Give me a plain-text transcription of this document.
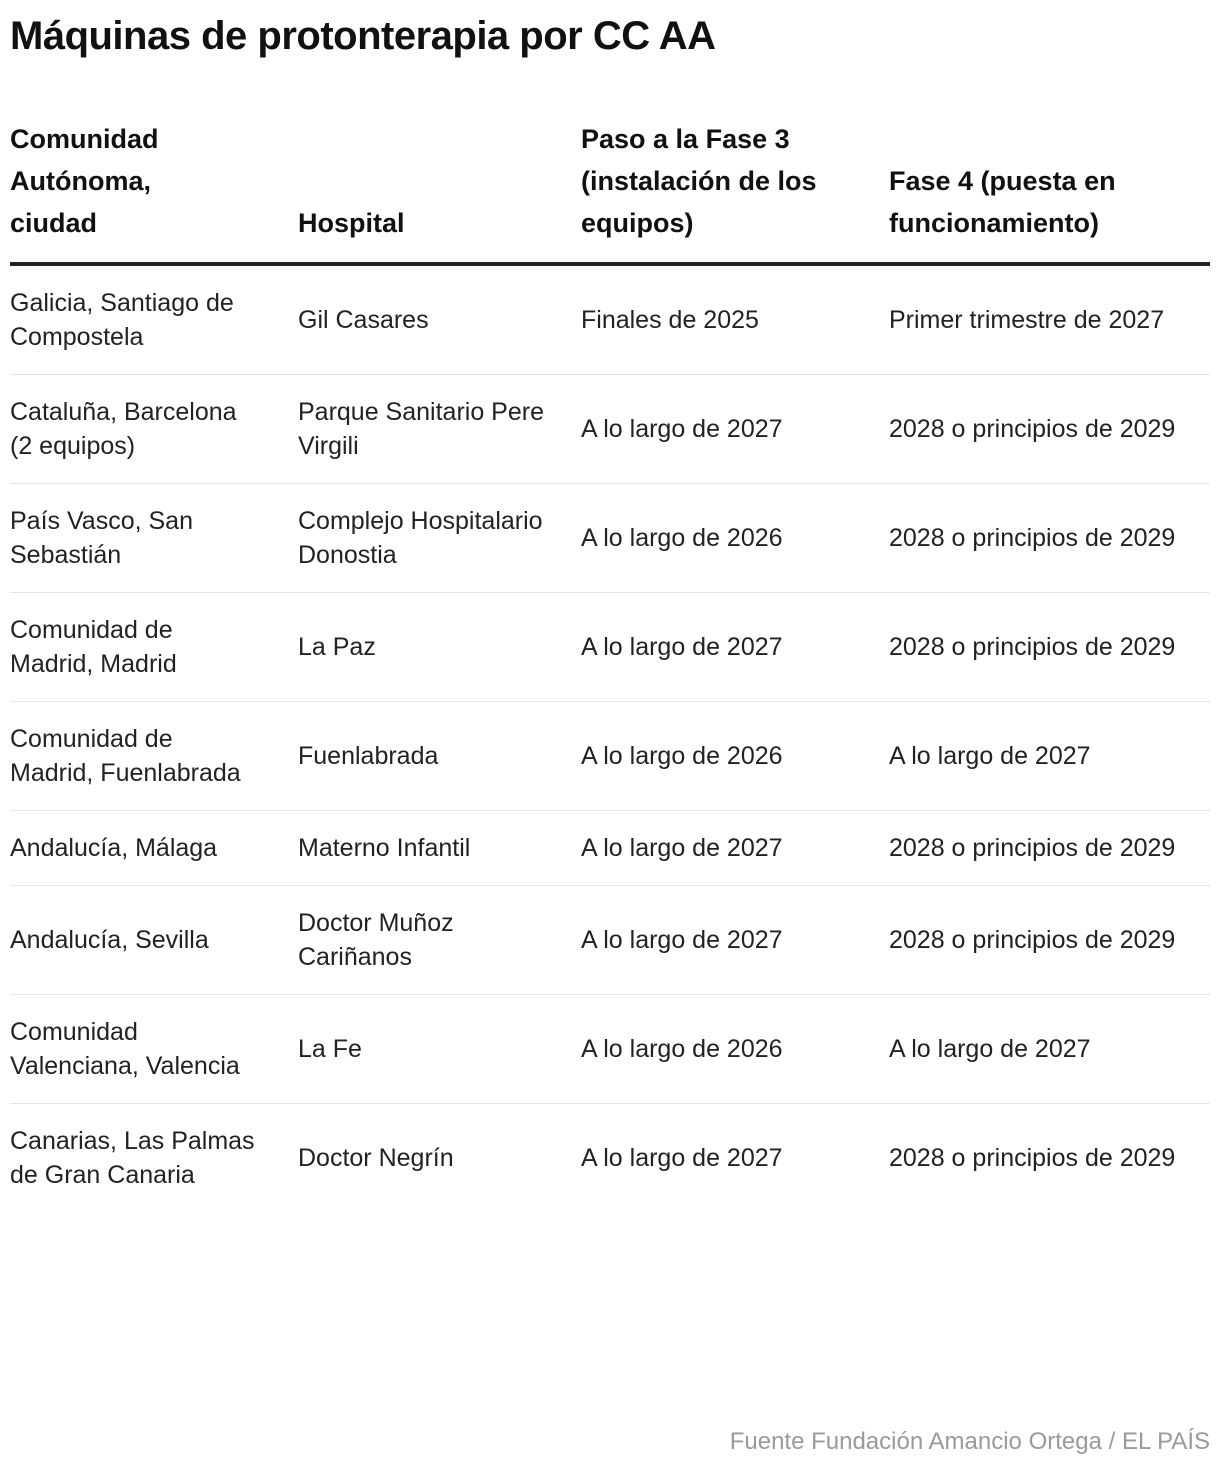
Máquinas de protonterapia por CC AA
Comunidad Autónoma, ciudad	Hospital	Paso a la Fase 3 (instalación de los equipos)	Fase 4 (puesta en funcionamiento)
Galicia, Santiago de Compostela	Gil Casares	Finales de 2025	Primer trimestre de 2027
Cataluña, Barcelona (2 equipos)	Parque Sanitario Pere Virgili	A lo largo de 2027	2028 o principios de 2029
País Vasco, San Sebastián	Complejo Hospitalario Donostia	A lo largo de 2026	2028 o principios de 2029
Comunidad de Madrid, Madrid	La Paz	A lo largo de 2027	2028 o principios de 2029
Comunidad de Madrid, Fuenlabrada	Fuenlabrada	A lo largo de 2026	A lo largo de 2027
Andalucía, Málaga	Materno Infantil	A lo largo de 2027	2028 o principios de 2029
Andalucía, Sevilla	Doctor Muñoz Cariñanos	A lo largo de 2027	2028 o principios de 2029
Comunidad Valenciana, Valencia	La Fe	A lo largo de 2026	A lo largo de 2027
Canarias, Las Palmas de Gran Canaria	Doctor Negrín	A lo largo de 2027	2028 o principios de 2029
Fuente Fundación Amancio Ortega / EL PAÍS
